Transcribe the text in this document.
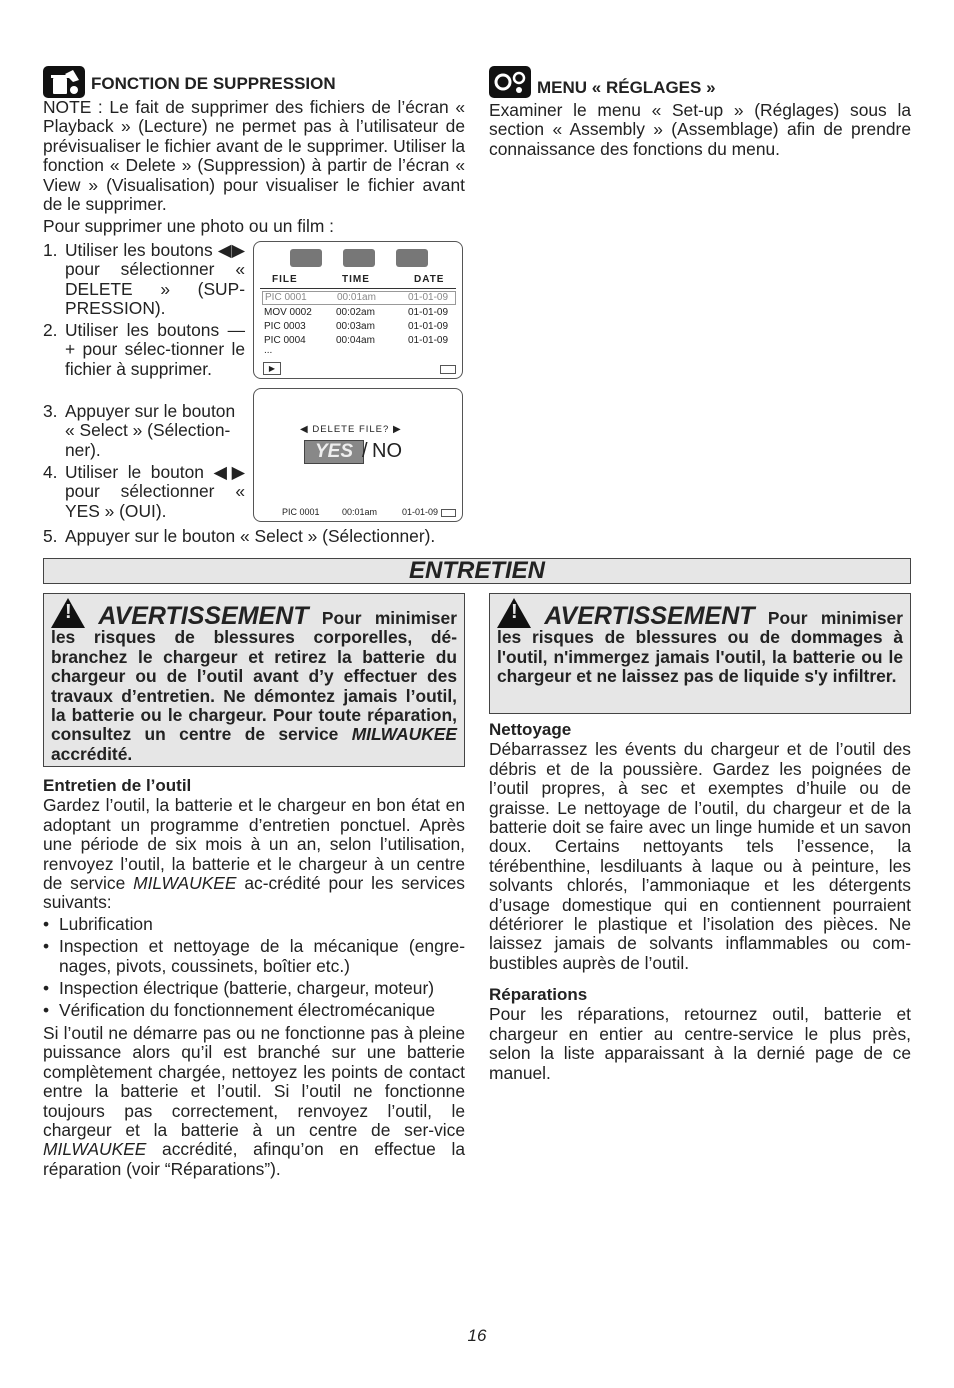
FONCTION DE SUPPRESSION
NOTE : Le fait de supprimer des fichiers de l’écran « Playback » (Lecture) ne permet pas à l’utilisateur de prévisualiser le fichier avant de le supprimer. Utiliser la fonction « Delete » (Suppression) à partir de l’écran « View » (Visualisation) pour visualiser le fichier avant de le supprimer.
Pour supprimer une photo ou un film :
1. Utiliser les boutons ◀▶ pour sélectionner « DELETE » (SUP-PRESSION).
2. Utiliser les boutons — + pour sélec-tionner le fichier à supprimer.
3. Appuyer sur le bouton « Select » (Sélection-ner).
4. Utiliser le bouton ◀▶ pour sélectionner « YES » (OUI).
5. Appuyer sur le bouton « Select » (Sélectionner).
FILE	TIME	DATE
PIC 0001	00:01am	01-01-09
MOV 0002 00:02am	01-01-09
PIC 0003	00:03am	01-01-09
PIC 0004	00:04am	01-01-09
...
▶
◀ DELETE FILE? ▶
YES / NO
PIC 0001 00:01am	01-01-09
MENU « RÉGLAGES »
Examiner le menu « Set-up » (Réglages) sous la section « Assembly » (Assemblage) afin de prendre connaissance des fonctions du menu.
ENTRETIEN
! AVERTISSEMENT Pour minimiser les risques de blessures corporelles, dé-branchez le chargeur et retirez la batterie du chargeur ou de l’outil avant d’y effectuer des travaux d’entretien. Ne démontez jamais l’outil, la batterie ou le chargeur. Pour toute réparation, consultez un centre de service MILWAUKEE accrédité.
Entretien de l’outil
Gardez l’outil, la batterie et le chargeur en bon état en adoptant un programme d’entretien ponctuel. Après une période de six mois à un an, selon l’utilisation, renvoyez l’outil, la batterie et le chargeur à un centre de service MILWAUKEE ac-crédité pour les services suivants:
• Lubrification
• Inspection et nettoyage de la mécanique (engre-nages, pivots, coussinets, boîtier etc.)
• Inspection électrique (batterie, chargeur, moteur)
• Vérification du fonctionnement électromécanique
Si l’outil ne démarre pas ou ne fonctionne pas à pleine puissance alors qu’il est branché sur une batterie complètement chargée, nettoyez les points de contact entre la batterie et l’outil. Si l’outil ne fonctionne toujours pas correctement, renvoyez l’outil, le chargeur et la batterie à un centre de ser-vice MILWAUKEE accrédité, afinqu’on en effectue la réparation (voir “Réparations”).
! AVERTISSEMENT Pour minimiser les risques de blessures ou de dommages à l'outil, n'immergez jamais l'outil, la batterie ou le chargeur et ne laissez pas de liquide s'y infiltrer.
Nettoyage
Débarrassez les évents du chargeur et de l’outil des débris et de la poussière. Gardez les poignées de l’outil propres, à sec et exemptes d’huile ou de graisse. Le nettoyage de l’outil, du chargeur et de la batterie doit se faire avec un linge humide et un savon doux. Certains nettoyants tels l’essence, la térébenthine, lesdiluants à laque ou à peinture, les solvants chlorés, l’ammoniaque et les détergents d’usage domestique qui en contiennent pourraient détériorer le plastique et l’isolation des pièces. Ne laissez jamais de solvants inflammables ou com-bustibles auprès de l’outil.
Réparations
Pour les réparations, retournez outil, batterie et chargeur en entier au centre-service le plus près, selon la liste apparaissant à la dernié page de ce manuel.
16
